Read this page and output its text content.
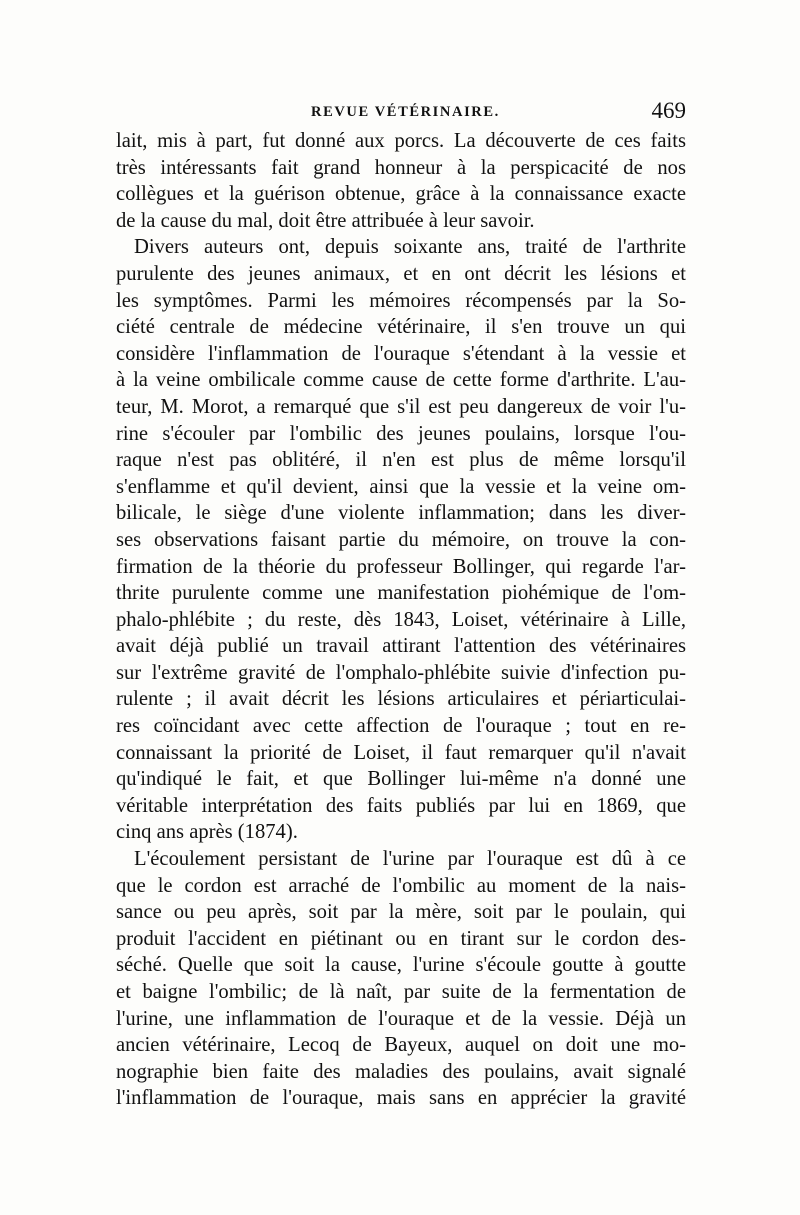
REVUE VÉTÉRINAIRE.	469
lait, mis à part, fut donné aux porcs. La découverte de ces faits
très intéressants fait grand honneur à la perspicacité de nos
collègues et la guérison obtenue, grâce à la connaissance exacte
de la cause du mal, doit être attribuée à leur savoir.
Divers auteurs ont, depuis soixante ans, traité de l'arthrite
purulente des jeunes animaux, et en ont décrit les lésions et
les symptômes. Parmi les mémoires récompensés par la So-
ciété centrale de médecine vétérinaire, il s'en trouve un qui
considère l'inflammation de l'ouraque s'étendant à la vessie et
à la veine ombilicale comme cause de cette forme d'arthrite. L'au-
teur, M. Morot, a remarqué que s'il est peu dangereux de voir l'u-
rine s'écouler par l'ombilic des jeunes poulains, lorsque l'ou-
raque n'est pas oblitéré, il n'en est plus de même lorsqu'il
s'enflamme et qu'il devient, ainsi que la vessie et la veine om-
bilicale, le siège d'une violente inflammation; dans les diver-
ses observations faisant partie du mémoire, on trouve la con-
firmation de la théorie du professeur Bollinger, qui regarde l'ar-
thrite purulente comme une manifestation piohémique de l'om-
phalo-phlébite ; du reste, dès 1843, Loiset, vétérinaire à Lille,
avait déjà publié un travail attirant l'attention des vétérinaires
sur l'extrême gravité de l'omphalo-phlébite suivie d'infection pu-
rulente ; il avait décrit les lésions articulaires et périarticulai-
res coïncidant avec cette affection de l'ouraque ; tout en re-
connaissant la priorité de Loiset, il faut remarquer qu'il n'avait
qu'indiqué le fait, et que Bollinger lui-même n'a donné une
véritable interprétation des faits publiés par lui en 1869, que
cinq ans après (1874).
L'écoulement persistant de l'urine par l'ouraque est dû à ce
que le cordon est arraché de l'ombilic au moment de la nais-
sance ou peu après, soit par la mère, soit par le poulain, qui
produit l'accident en piétinant ou en tirant sur le cordon des-
séché. Quelle que soit la cause, l'urine s'écoule goutte à goutte
et baigne l'ombilic; de là naît, par suite de la fermentation de
l'urine, une inflammation de l'ouraque et de la vessie. Déjà un
ancien vétérinaire, Lecoq de Bayeux, auquel on doit une mo-
nographie bien faite des maladies des poulains, avait signalé
l'inflammation de l'ouraque, mais sans en apprécier la gravité
